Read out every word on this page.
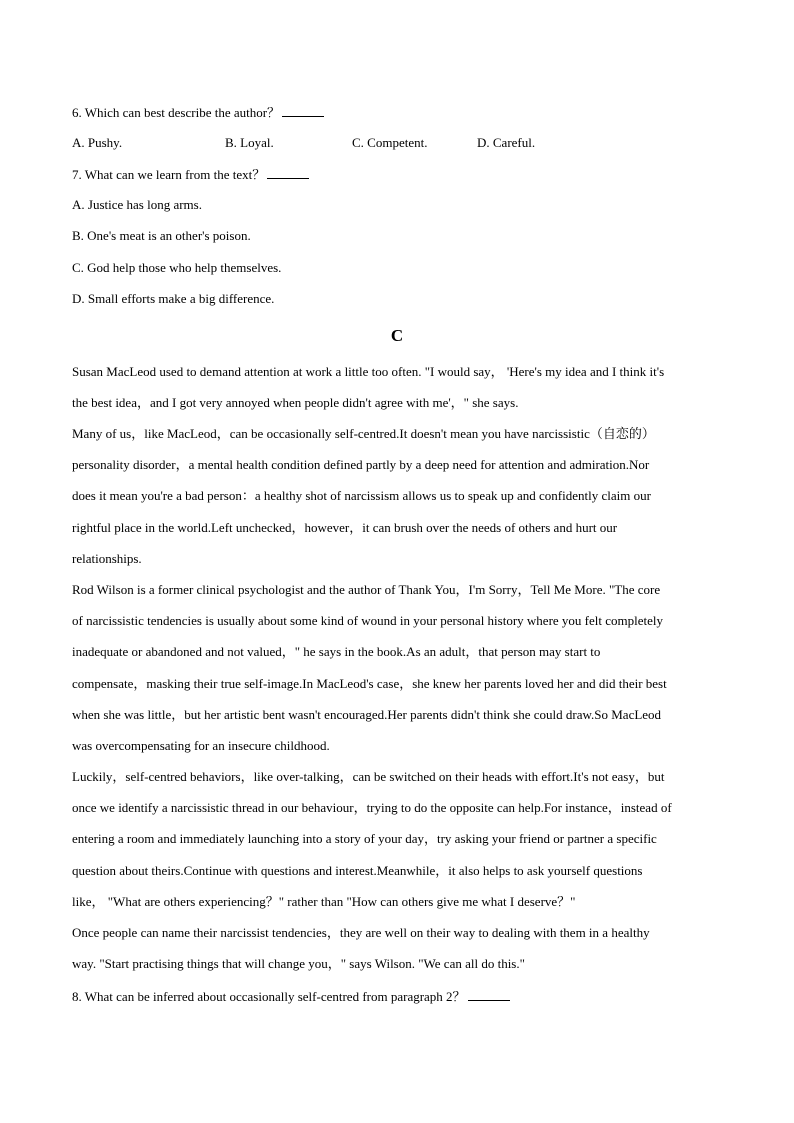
6. Which can best describe the author？
A. Pushy.	B. Loyal.	C. Competent.	D. Careful.
7. What can we learn from the text？
A. Justice has long arms.
B. One's meat is an other's poison.
C. God help those who help themselves.
D. Small efforts make a big difference.
C
Susan MacLeod used to demand attention at work a little too often. "I would say， 'Here's my idea and I think it's
the best idea，and I got very annoyed when people didn't agree with me'，" she says.
Many of us，like MacLeod，can be occasionally self-centred.It doesn't mean you have narcissistic（自恋的）
personality disorder，a mental health condition defined partly by a deep need for attention and admiration.Nor
does it mean you're a bad person：a healthy shot of narcissism allows us to speak up and confidently claim our
rightful place in the world.Left unchecked，however，it can brush over the needs of others and hurt our
relationships.
Rod Wilson is a former clinical psychologist and the author of Thank You，I'm Sorry，Tell Me More. "The core
of narcissistic tendencies is usually about some kind of wound in your personal history where you felt completely
inadequate or abandoned and not valued，" he says in the book.As an adult，that person may start to
compensate，masking their true self-image.In MacLeod's case，she knew her parents loved her and did their best
when she was little，but her artistic bent wasn't encouraged.Her parents didn't think she could draw.So MacLeod
was overcompensating for an insecure childhood.
Luckily，self-centred behaviors，like over-talking，can be switched on their heads with effort.It's not easy，but
once we identify a narcissistic thread in our behaviour，trying to do the opposite can help.For instance，instead of
entering a room and immediately launching into a story of your day，try asking your friend or partner a specific
question about theirs.Continue with questions and interest.Meanwhile，it also helps to ask yourself questions
like， "What are others experiencing？" rather than "How can others give me what I deserve？"
Once people can name their narcissist tendencies，they are well on their way to dealing with them in a healthy
way. "Start practising things that will change you，" says Wilson. "We can all do this."
8. What can be inferred about occasionally self-centred from paragraph 2？
